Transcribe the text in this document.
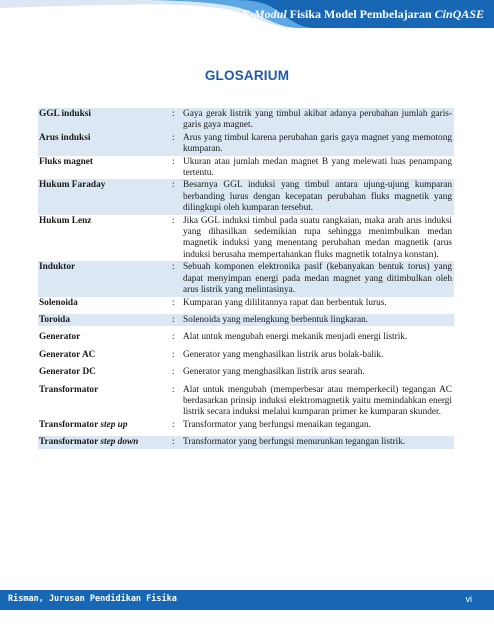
E-Modul Fisika Model Pembelajaran CinQASE
GLOSARIUM
GGL induksi	: Gaya gerak listrik yang timbul akibat adanya perubahan jumlah garis-garis gaya magnet.
Arus induksi	: Arus yang timbul karena perubahan garis gaya magnet yang memotong kumparan.
Fluks magnet	: Ukuran atau jumlah medan magnet B yang melewati luas penampang tertentu.
Hukum Faraday	: Besarnya GGL induksi yang timbul antara ujung-ujung kumparan berbanding lurus dengan kecepatan perubahan fluks magnetik yang dilingkupi oleh kumparan tersebut.
Hukum Lenz	: Jika GGL induksi timbul pada suatu rangkaian, maka arah arus induksi yang dihasilkan sedemikian rupa sehingga menimbulkan medan magnetik induksi yang menentang perubahan medan magnetik (arus induksi berusaha mempertahankan fluks magnetik totalnya konstan).
Induktor	: Sebuah komponen elektronika pasif (kebanyakan bentuk torus) yang dapat menyimpan energi pada medan magnet yang ditimbulkan oleh arus listrik yang melintasinya.
Solenoida	: Kumparan yang dililitannya rapat dan berbentuk lurus.
Toroida	: Solenoida yang melengkung berbentuk lingkaran.
Generator	: Alat untuk mengubah energi mekanik menjadi energi listrik.
Generator AC	: Generator yang menghasilkan listrik arus bolak-balik.
Generator DC	: Generator yang menghasilkan listrik arus searah.
Transformator	: Alat untuk mengubah (memperbesar atau memperkecil) tegangan AC berdasarkan prinsip induksi elektromagnetik yaitu memindahkan energi listrik secara induksi melalui kumparan primer ke kumparan skunder.
Transformator step up	: Transformator yang berfungsi menaikan tegangan.
Transformator step down	: Transformator yang berfungsi menurunkan tegangan listrik.
Risman, Jurusan Pendidikan Fisika	vi
